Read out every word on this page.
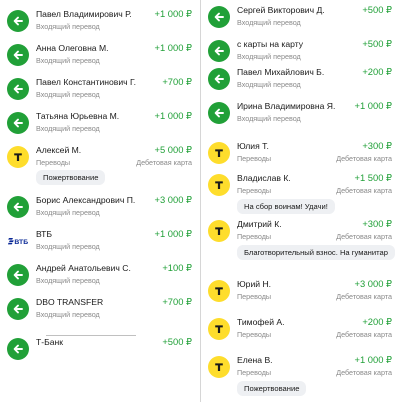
Павел Владимирович Р.
Входящий перевод
+1 000 ₽
Анна Олеговна М.
Входящий перевод
+1 000 ₽
Павел Константинович Г.
Входящий перевод
+700 ₽
Татьяна Юрьевна М.
Входящий перевод
+1 000 ₽
Алексей М.
Переводы
+5 000 ₽
Дебетовая карта
Пожертвование
Борис Александрович П.
Входящий перевод
+3 000 ₽
ВТБ
ВТБ
Входящий перевод
+1 000 ₽
Андрей Анатольевич С.
Входящий перевод
+100 ₽
DBO TRANSFER
Входящий перевод
+700 ₽
Т-Банк	+500 ₽
Сергей Викторович Д.
Входящий перевод
+500 ₽
с карты на карту
Входящий перевод
+500 ₽
Павел Михайлович Б.
Входящий перевод
+200 ₽
Ирина Владимировна Я.
Входящий перевод
+1 000 ₽
Юлия Т.
Переводы
+300 ₽
Дебетовая карта
Владислав К.
Переводы
+1 500 ₽
Дебетовая карта
На сбор воинам! Удачи!
Дмитрий К.
Переводы
+300 ₽
Дебетовая карта
Благотворительный взнос. На гуманитар
Юрий Н.
Переводы
+3 000 ₽
Дебетовая карта
Тимофей А.
Переводы
+200 ₽
Дебетовая карта
Елена В.
Переводы
+1 000 ₽
Дебетовая карта
Пожертвование
